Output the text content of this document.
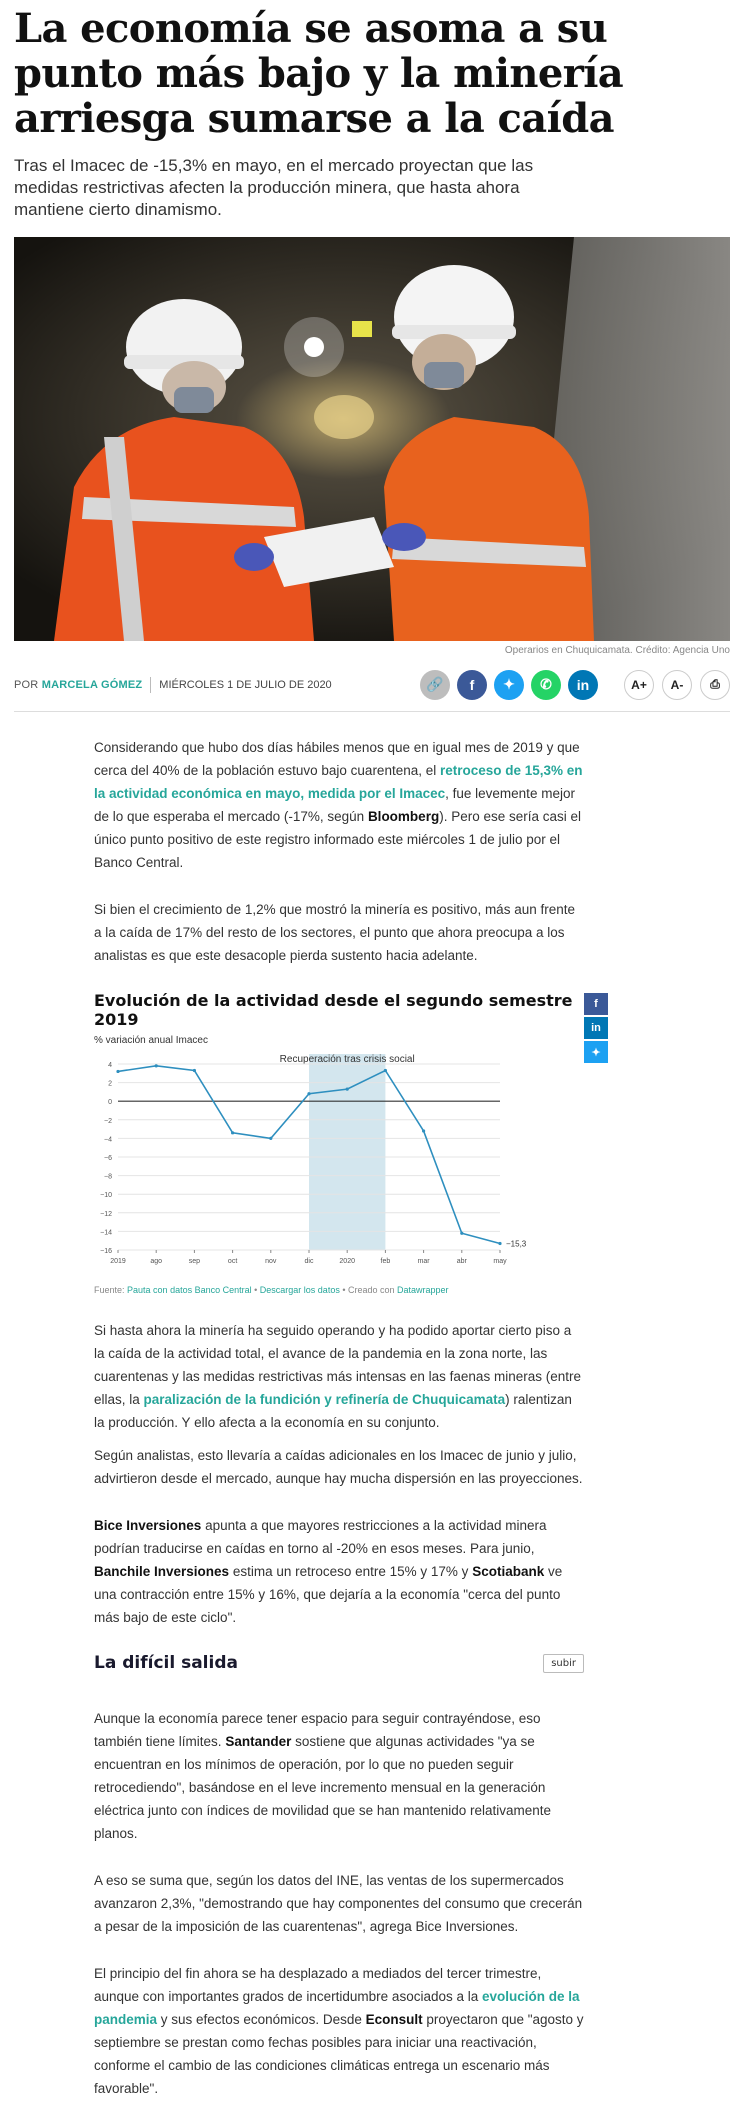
La economía se asoma a su punto más bajo y la minería arriesga sumarse a la caída

Tras el Imacec de -15,3% en mayo, en el mercado proyectan que las medidas restrictivas afecten la producción minera, que hasta ahora mantiene cierto dinamismo.

Operarios en Chuquicamata. Crédito: Agencia Uno
POR MARCELA GÓMEZ MIÉRCOLES 1 DE JULIO DE 2020	🔗 f ✦ ✆ in	A+	A-	⎙

Considerando que hubo dos días hábiles menos que en igual mes de 2019 y que cerca del 40% de la población estuvo bajo cuarentena, el retroceso de 15,3% en la actividad económica en mayo, medida por el Imacec, fue levemente mejor de lo que esperaba el mercado (-17%, según Bloomberg). Pero ese sería casi el único punto positivo de este registro informado este miércoles 1 de julio por el Banco Central.

Si bien el crecimiento de 1,2% que mostró la minería es positivo, más aun frente a la caída de 17% del resto de los sectores, el punto que ahora preocupa a los analistas es que este desacople pierda sustento hacia adelante.

Evolución de la actividad desde el segundo semestre 2019
% variación anual Imacec
f
in
✦
Recuperación tras crisis social
4
2
0
−2
−4
−6
−8
−10
−12
−14
−16
2019	ago	sep	oct	nov	dic	2020	feb	mar	abr	may
−15,3
Fuente: Pauta con datos Banco Central • Descargar los datos • Creado con Datawrapper

Si hasta ahora la minería ha seguido operando y ha podido aportar cierto piso a la caída de la actividad total, el avance de la pandemia en la zona norte, las cuarentenas y las medidas restrictivas más intensas en las faenas mineras (entre ellas, la paralización de la fundición y refinería de Chuquicamata) ralentizan la producción. Y ello afecta a la economía en su conjunto.

Según analistas, esto llevaría a caídas adicionales en los Imacec de junio y julio, advirtieron desde el mercado, aunque hay mucha dispersión en las proyecciones.

Bice Inversiones apunta a que mayores restricciones a la actividad minera podrían traducirse en caídas en torno al -20% en esos meses. Para junio, Banchile Inversiones estima un retroceso entre 15% y 17% y Scotiabank ve una contracción entre 15% y 16%, que dejaría a la economía "cerca del punto más bajo de este ciclo".

La difícil salida	subir

Aunque la economía parece tener espacio para seguir contrayéndose, eso también tiene límites. Santander sostiene que algunas actividades "ya se encuentran en los mínimos de operación, por lo que no pueden seguir retrocediendo", basándose en el leve incremento mensual en la generación eléctrica junto con índices de movilidad que se han mantenido relativamente planos.

A eso se suma que, según los datos del INE, las ventas de los supermercados avanzaron 2,3%, "demostrando que hay componentes del consumo que crecerán a pesar de la imposición de las cuarentenas", agrega Bice Inversiones.

El principio del fin ahora se ha desplazado a mediados del tercer trimestre, aunque con importantes grados de incertidumbre asociados a la evolución de la pandemia y sus efectos económicos. Desde Econsult proyectaron que "agosto y septiembre se prestan como fechas posibles para iniciar una reactivación, conforme el cambio de las condiciones climáticas entrega un escenario más favorable".
